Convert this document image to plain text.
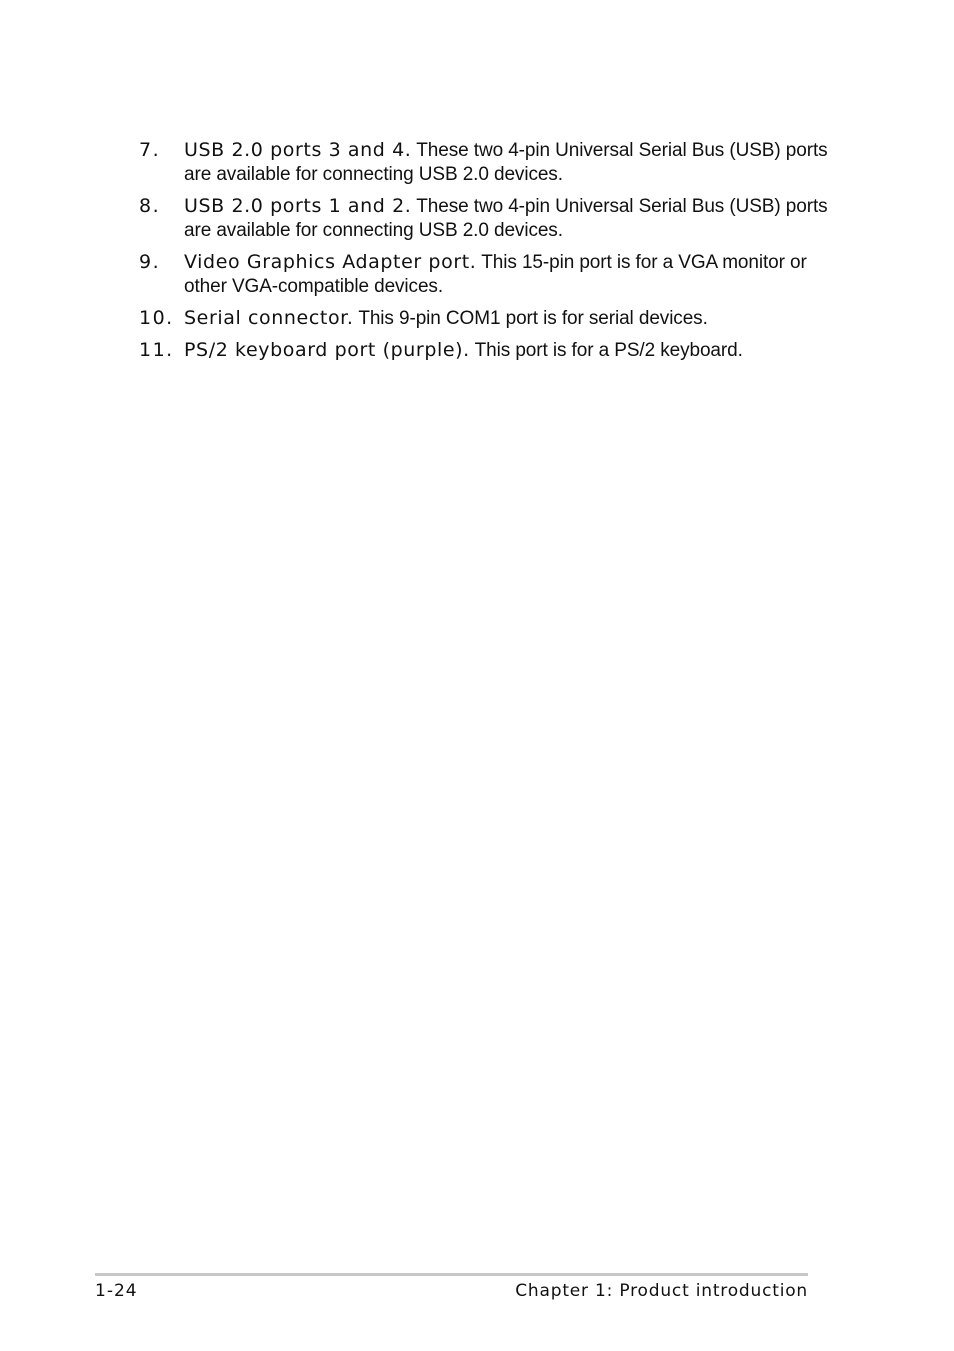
7. USB 2.0 ports 3 and 4. These two 4-pin Universal Serial Bus (USB) ports are available for connecting USB 2.0 devices.
8. USB 2.0 ports 1 and 2. These two 4-pin Universal Serial Bus (USB) ports are available for connecting USB 2.0 devices.
9. Video Graphics Adapter port. This 15-pin port is for a VGA monitor or other VGA-compatible devices.
10. Serial connector. This 9-pin COM1 port is for serial devices.
11. PS/2 keyboard port (purple). This port is for a PS/2 keyboard.
1-24	Chapter 1: Product introduction
